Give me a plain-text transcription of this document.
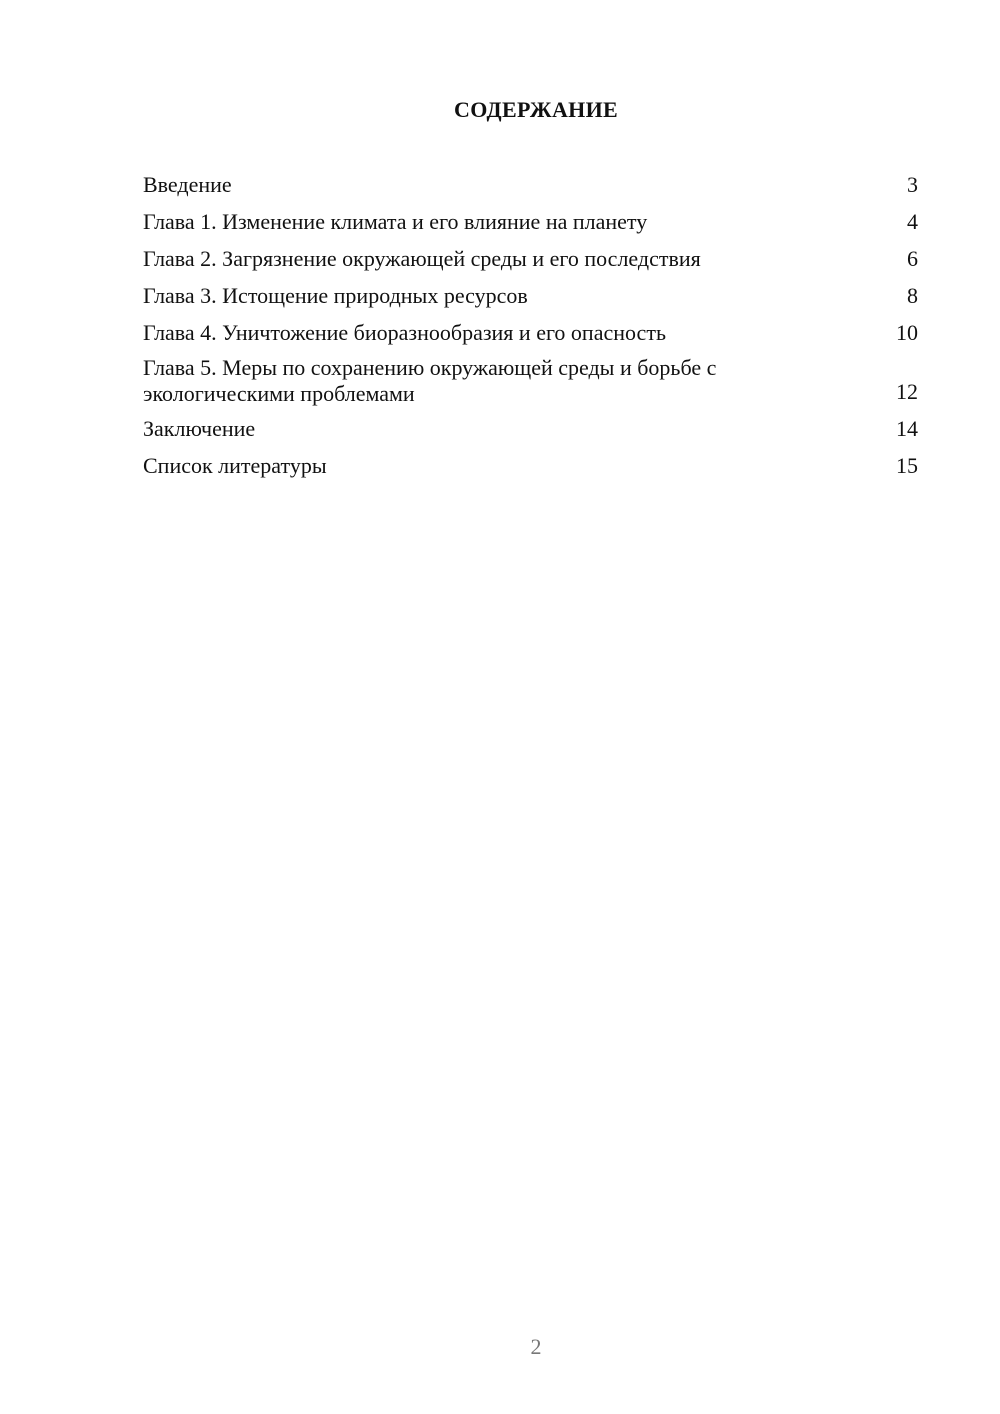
СОДЕРЖАНИЕ
Введение	3
Глава 1. Изменение климата и его влияние на планету	4
Глава 2. Загрязнение окружающей среды и его последствия	6
Глава 3. Истощение природных ресурсов	8
Глава 4. Уничтожение биоразнообразия и его опасность	10
Глава 5. Меры по сохранению окружающей среды и борьбе с
экологическими проблемами	12
Заключение	14
Список литературы	15
2
